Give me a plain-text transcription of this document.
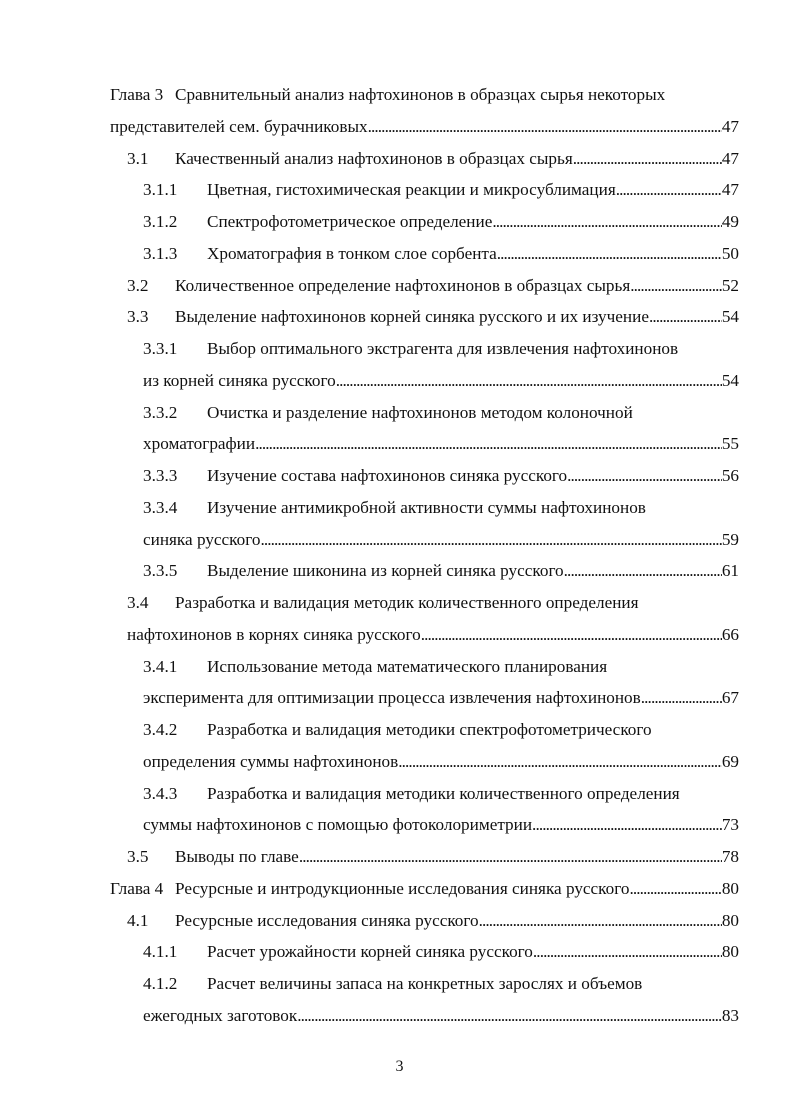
Глава 3 Сравнительный анализ нафтохинонов в образцах сырья некоторых
представителей сем. бурачниковых . . .	47
3.1	Качественный анализ нафтохинонов в образцах сырья . . .	47
3.1.1	Цветная, гистохимическая реакции и микросублимация . . .	47
3.1.2	Спектрофотометрическое определение . . .	49
3.1.3	Хроматография в тонком слое сорбента . . .	50
3.2	Количественное определение нафтохинонов в образцах сырья . . .	52
3.3	Выделение нафтохинонов корней синяка русского и их изучение . . .	54
3.3.1	Выбор оптимального экстрагента для извлечения нафтохинонов
из корней синяка русского . . .	54
3.3.2	Очистка и разделение нафтохинонов методом колоночной
хроматографии . . .	55
3.3.3	Изучение состава нафтохинонов синяка русского . . .	56
3.3.4	Изучение антимикробной активности суммы нафтохинонов
синяка русского . . .	59
3.3.5	Выделение шиконина из корней синяка русского . . .	61
3.4	Разработка и валидация методик количественного определения
нафтохинонов в корнях синяка русского . . .	66
3.4.1	Использование метода математического планирования
эксперимента для оптимизации процесса извлечения нафтохинонов . . .	67
3.4.2	Разработка и валидация методики спектрофотометрического
определения суммы нафтохинонов . . .	69
3.4.3	Разработка и валидация методики количественного определения
суммы нафтохинонов с помощью фотоколориметрии . . .	73
3.5	Выводы по главе . . .	78
Глава 4 Ресурсные и интродукционные исследования синяка русского . . .	80
4.1	Ресурсные исследования синяка русского . . .	80
4.1.1	Расчет урожайности корней синяка русского . . .	80
4.1.2	Расчет величины запаса на конкретных зарослях и объемов
ежегодных заготовок . . .	83
3
